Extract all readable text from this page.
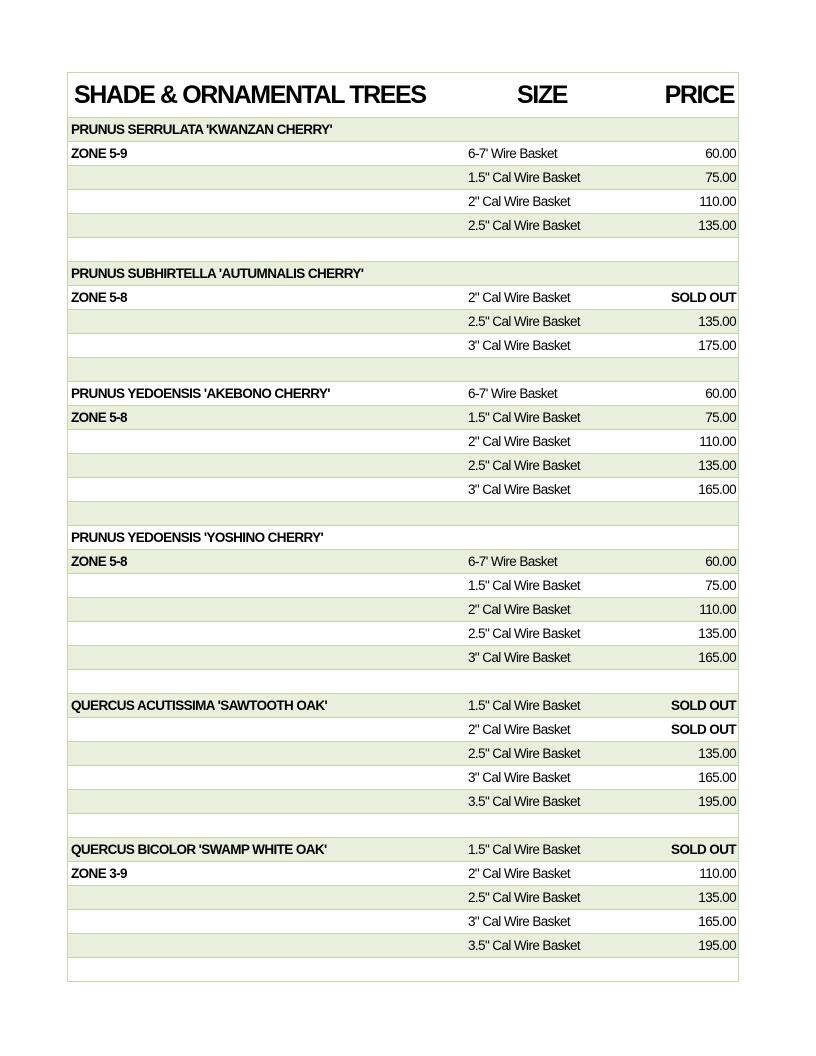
SHADE & ORNAMENTAL TREES	SIZE	PRICE
PRUNUS SERRULATA 'KWANZAN CHERRY'
ZONE 5-9	6-7' Wire Basket	60.00
1.5" Cal Wire Basket	75.00
2" Cal Wire Basket	110.00
2.5" Cal Wire Basket	135.00
PRUNUS SUBHIRTELLA 'AUTUMNALIS CHERRY'
ZONE 5-8	2" Cal Wire Basket	SOLD OUT
2.5" Cal Wire Basket	135.00
3" Cal Wire Basket	175.00
PRUNUS YEDOENSIS 'AKEBONO CHERRY'	6-7' Wire Basket	60.00
ZONE 5-8	1.5" Cal Wire Basket	75.00
2" Cal Wire Basket	110.00
2.5" Cal Wire Basket	135.00
3" Cal Wire Basket	165.00
PRUNUS YEDOENSIS 'YOSHINO CHERRY'
ZONE 5-8	6-7' Wire Basket	60.00
1.5" Cal Wire Basket	75.00
2" Cal Wire Basket	110.00
2.5" Cal Wire Basket	135.00
3" Cal Wire Basket	165.00
QUERCUS ACUTISSIMA 'SAWTOOTH OAK'	1.5" Cal Wire Basket	SOLD OUT
2" Cal Wire Basket	SOLD OUT
2.5" Cal Wire Basket	135.00
3" Cal Wire Basket	165.00
3.5" Cal Wire Basket	195.00
QUERCUS BICOLOR 'SWAMP WHITE OAK'	1.5" Cal Wire Basket	SOLD OUT
ZONE 3-9	2" Cal Wire Basket	110.00
2.5" Cal Wire Basket	135.00
3" Cal Wire Basket	165.00
3.5" Cal Wire Basket	195.00
